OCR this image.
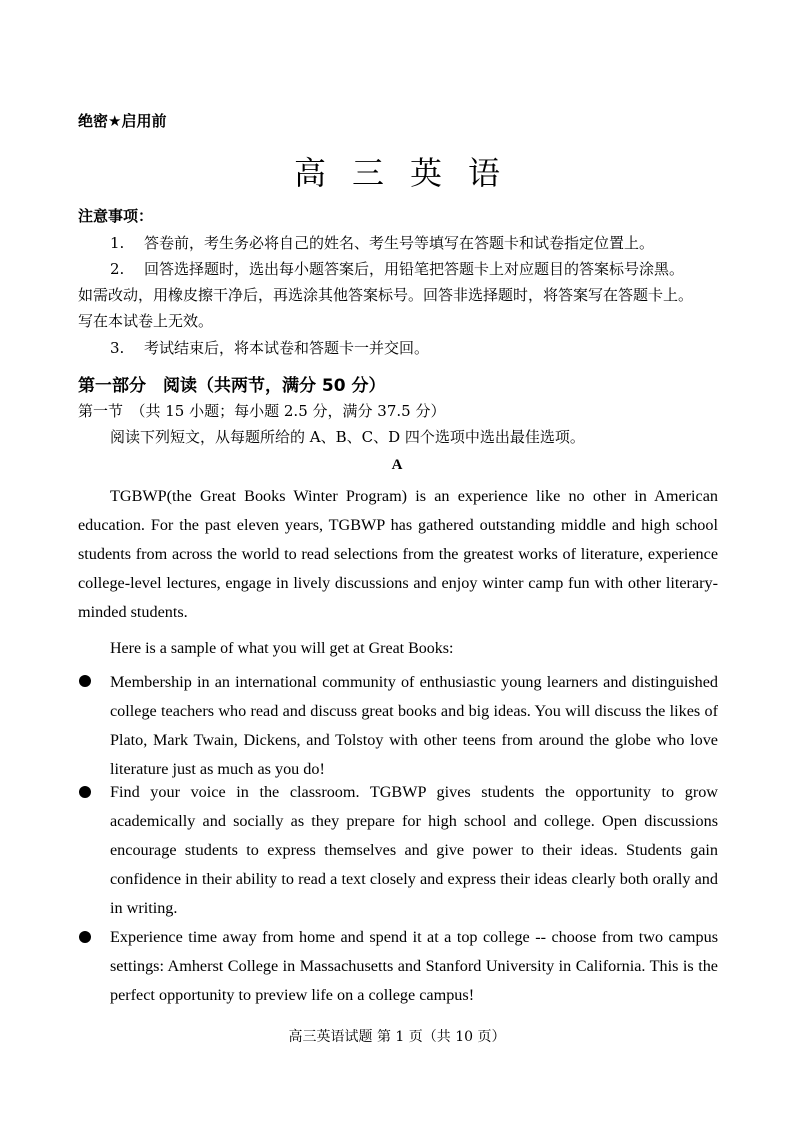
绝密★启用前
高三英语
注意事项：
1. 答卷前，考生务必将自己的姓名、考生号等填写在答题卡和试卷指定位置上。
2. 回答选择题时，选出每小题答案后，用铅笔把答题卡上对应题目的答案标号涂黑。
如需改动，用橡皮擦干净后，再选涂其他答案标号。回答非选择题时，将答案写在答题卡上。
写在本试卷上无效。
3. 考试结束后，将本试卷和答题卡一并交回。
第一部分　阅读（共两节，满分 50 分）
第一节　（共 15 小题；每小题 2.5 分，满分 37.5 分）
阅读下列短文，从每题所给的 A、B、C、D 四个选项中选出最佳选项。
A
TGBWP(the Great Books Winter Program) is an experience like no other in American education. For the past eleven years, TGBWP has gathered outstanding middle and high school students from across the world to read selections from the greatest works of literature, experience college-level lectures, engage in lively discussions and enjoy winter camp fun with other literary-minded students.
Here is a sample of what you will get at Great Books:
Membership in an international community of enthusiastic young learners and distinguished college teachers who read and discuss great books and big ideas. You will discuss the likes of Plato, Mark Twain, Dickens, and Tolstoy with other teens from around the globe who love literature just as much as you do!
Find your voice in the classroom. TGBWP gives students the opportunity to grow academically and socially as they prepare for high school and college. Open discussions encourage students to express themselves and give power to their ideas. Students gain confidence in their ability to read a text closely and express their ideas clearly both orally and in writing.
Experience time away from home and spend it at a top college -- choose from two campus settings: Amherst College in Massachusetts and Stanford University in California. This is the perfect opportunity to preview life on a college campus!
高三英语试题 第 1 页（共 10 页）
